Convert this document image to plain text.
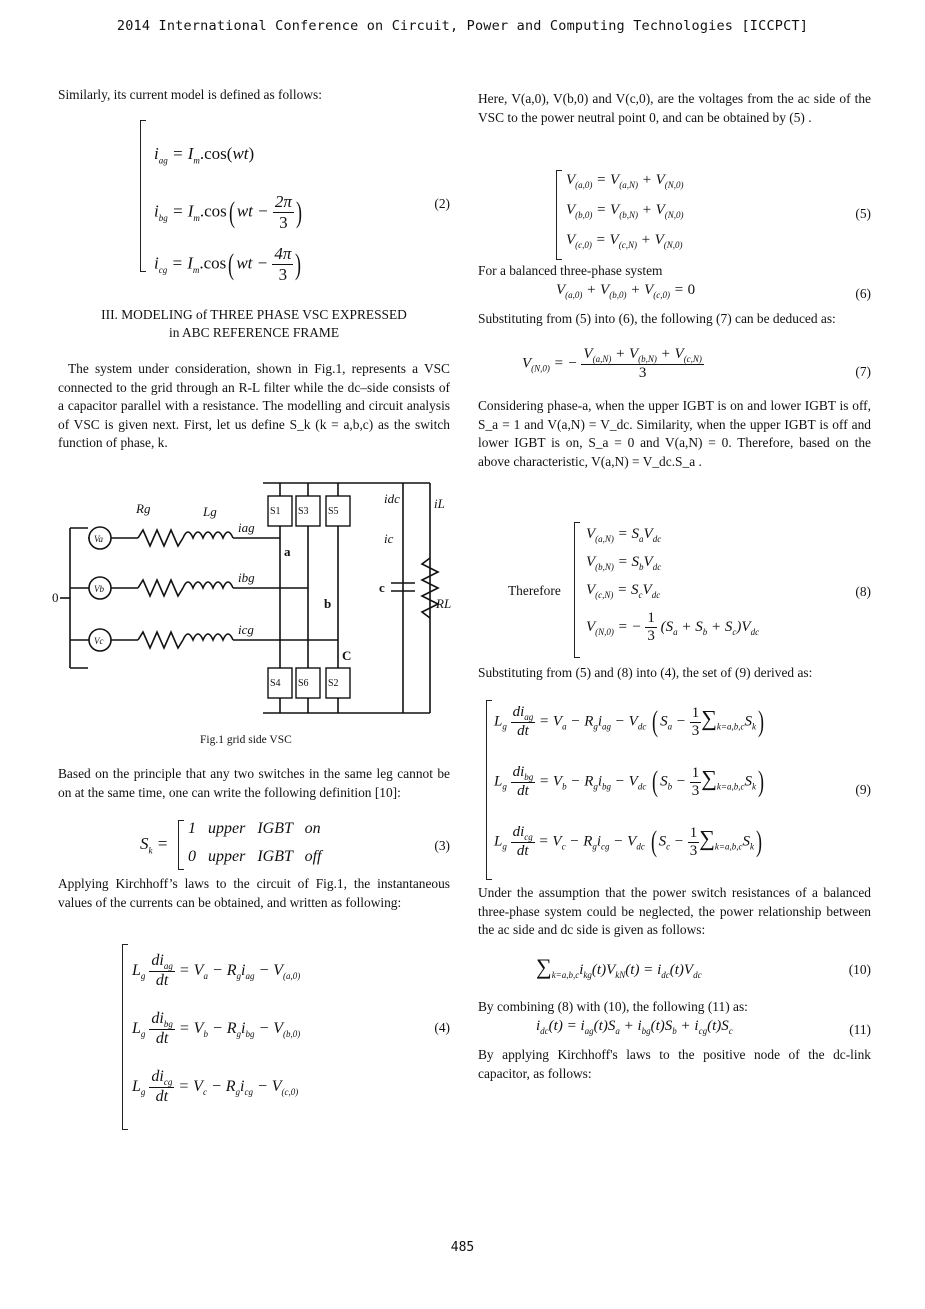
2014 International Conference on Circuit, Power and Computing Technologies [ICCPCT]
Similarly, its current model is defined as follows:
$i_{ag} = I_m.\cos(wt)$
$i_{bg} = I_m.\cos$( wt − $\frac{2\pi}{3}$ )
$i_{cg} = I_m.\cos$( wt − $\frac{4\pi}{3}$ )
(2)
III. MODELING of THREE PHASE VSC EXPRESSED
in ABC REFERENCE FRAME
The system under consideration, shown in Fig.1, represents a VSC connected to the grid through an R-L filter while the dc–side consists of a capacitor parallel with a resistance. The modelling and circuit analysis of VSC is given next. First, let us define S_k (k = a,b,c) as the switch function of phase, k.
Rg	Lg
iag
ibg
icg
a
b
C
c
RL
idc
ic
iL
0
Va
Vb
Vc
S1 S3 S5
S4 S6 S2
Fig.1 grid side VSC
Based on the principle that any two switches in the same leg cannot be on at the same time, one can write the following definition [10]:
$S_k$ =
1   upper   IGBT   on
0   upper   IGBT   off
(3)
Applying Kirchhoff’s laws to the circuit of Fig.1, the instantaneous values of the currents can be obtained, and written as following:
$L_g \frac{di_{ag}}{dt} = V_a - R_gi_{ag} - V_{(a,0)}$
$L_g \frac{di_{bg}}{dt} = V_b - R_gi_{bg} - V_{(b,0)}$
$L_g \frac{di_{cg}}{dt} = V_c - R_gi_{cg} - V_{(c,0)}$
(4)
Here, V(a,0), V(b,0) and V(c,0), are the voltages from the ac side of the VSC to the power neutral point 0, and can be obtained by (5) .
$V_{(a,0)} = V_{(a,N)} + V_{(N,0)}$
$V_{(b,0)} = V_{(b,N)} + V_{(N,0)}$
$V_{(c,0)} = V_{(c,N)} + V_{(N,0)}$
(5)
For a balanced three-phase system
$V_{(a,0)} + V_{(b,0)} + V_{(c,0)} = 0$	(6)
Substituting from (5) into (6), the following (7) can be deduced as:
$V_{(N,0)}$ = − $\frac{V_{(a,N)} + V_{(b,N)} + V_{(c,N)}}{3}$	(7)
Considering phase-a, when the upper IGBT is on and lower IGBT is off, S_a = 1 and V(a,N) = V_dc. Similarity, when the upper IGBT is off and lower IGBT is on, S_a = 0 and V(a,N) = 0. Therefore, based on the above characteristic, V(a,N) = V_dc.S_a .
Therefore
$V_{(a,N)} = S_aV_{dc}$
$V_{(b,N)} = S_bV_{dc}$
$V_{(c,N)} = S_cV_{dc}$
$V_{(N,0)}$ = − $\frac{1}{3} (S_a + S_b + S_c)V_{dc}$
(8)
Substituting from (5) and (8) into (4), the set of (9) derived as:
$L_g \frac{di_{ag}}{dt} = V_a - R_gi_{ag} - V_{dc}$ ( $S_a - \frac{1}{3} \sum_{k=a,b,c}S_k$)
$L_g \frac{di_{bg}}{dt} = V_b - R_gi_{bg} - V_{dc}$ ( $S_b - \frac{1}{3} \sum_{k=a,b,c}S_k$)
$L_g \frac{di_{cg}}{dt} = V_c - R_gi_{cg} - V_{dc}$ ( $S_c - \frac{1}{3} \sum_{k=a,b,c}S_k$)
(9)
Under the assumption that the power switch resistances of a balanced three-phase system could be neglected, the power relationship between the ac side and dc side is given as follows:
$\sum_{k=a,b,c}i_{kg}(t)V_{kN}(t) = i_{dc}(t)V_{dc}$	(10)
By combining (8) with (10), the following (11) as:
$i_{dc}(t) = i_{ag}(t)S_a + i_{bg}(t)S_b + i_{cg}(t)S_c$	(11)
By applying Kirchhoff's laws to the positive node of the dc-link capacitor, as follows:
485
